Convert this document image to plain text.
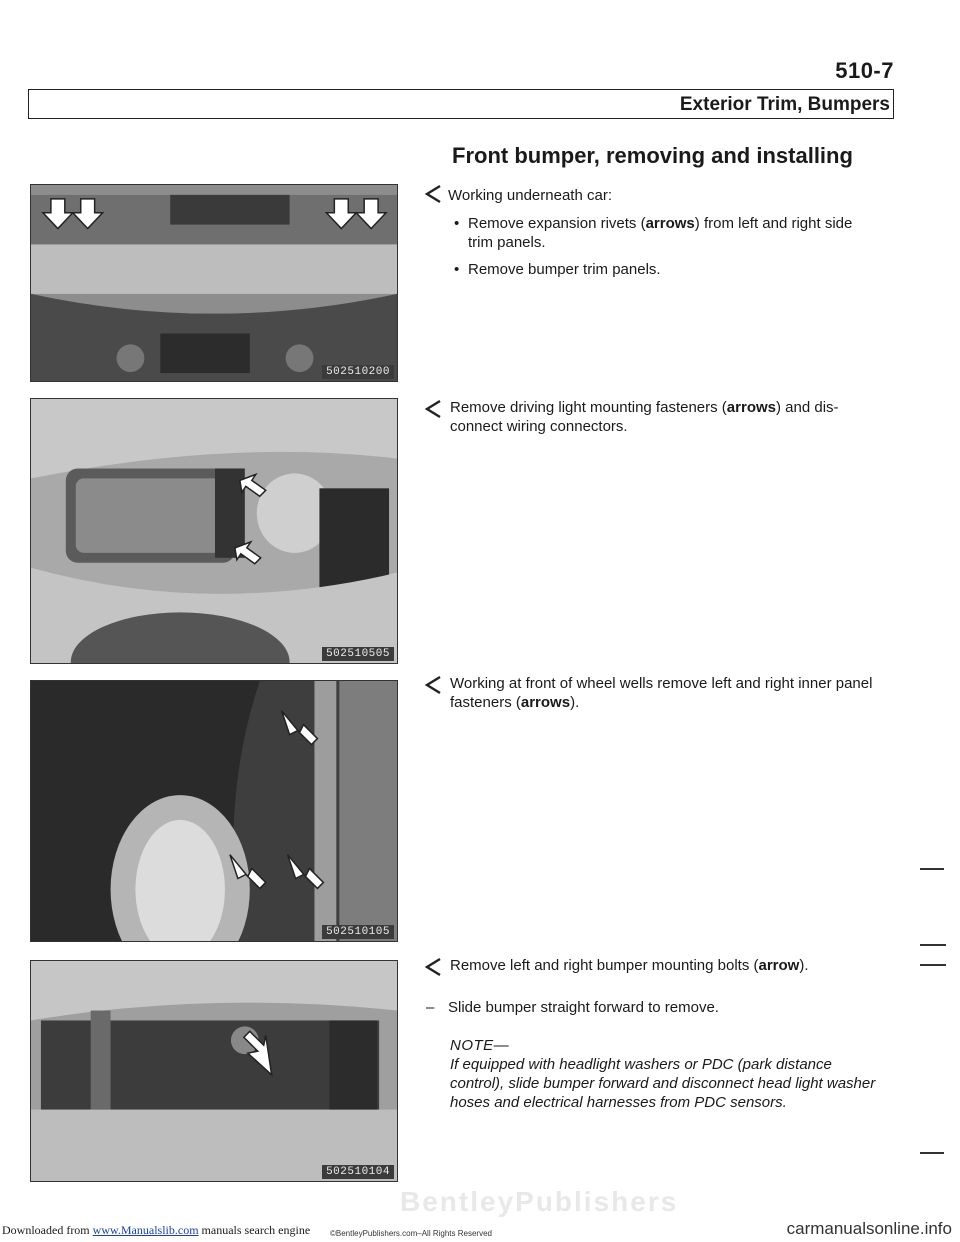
510-7
Exterior Trim, Bumpers
Front bumper, removing and installing
502510200
502510505
502510105
502510104
Working underneath car:
• Remove expansion rivets (arrows) from left and right side trim panels.
• Remove bumper trim panels.
Remove driving light mounting fasteners (arrows) and dis- connect wiring connectors.
Working at front of wheel wells remove left and right inner panel fasteners (arrows).
Remove left and right bumper mounting bolts (arrow).
– Slide bumper straight forward to remove.
NOTE—
If equipped with headlight washers or PDC (park distance control), slide bumper forward and disconnect head light washer hoses and electrical harnesses from PDC sensors.
BentleyPublishers
Downloaded from www.Manualslib.com manuals search engine ©BentleyPublishers.com–All Rights Reserved	carmanualsonline.info
